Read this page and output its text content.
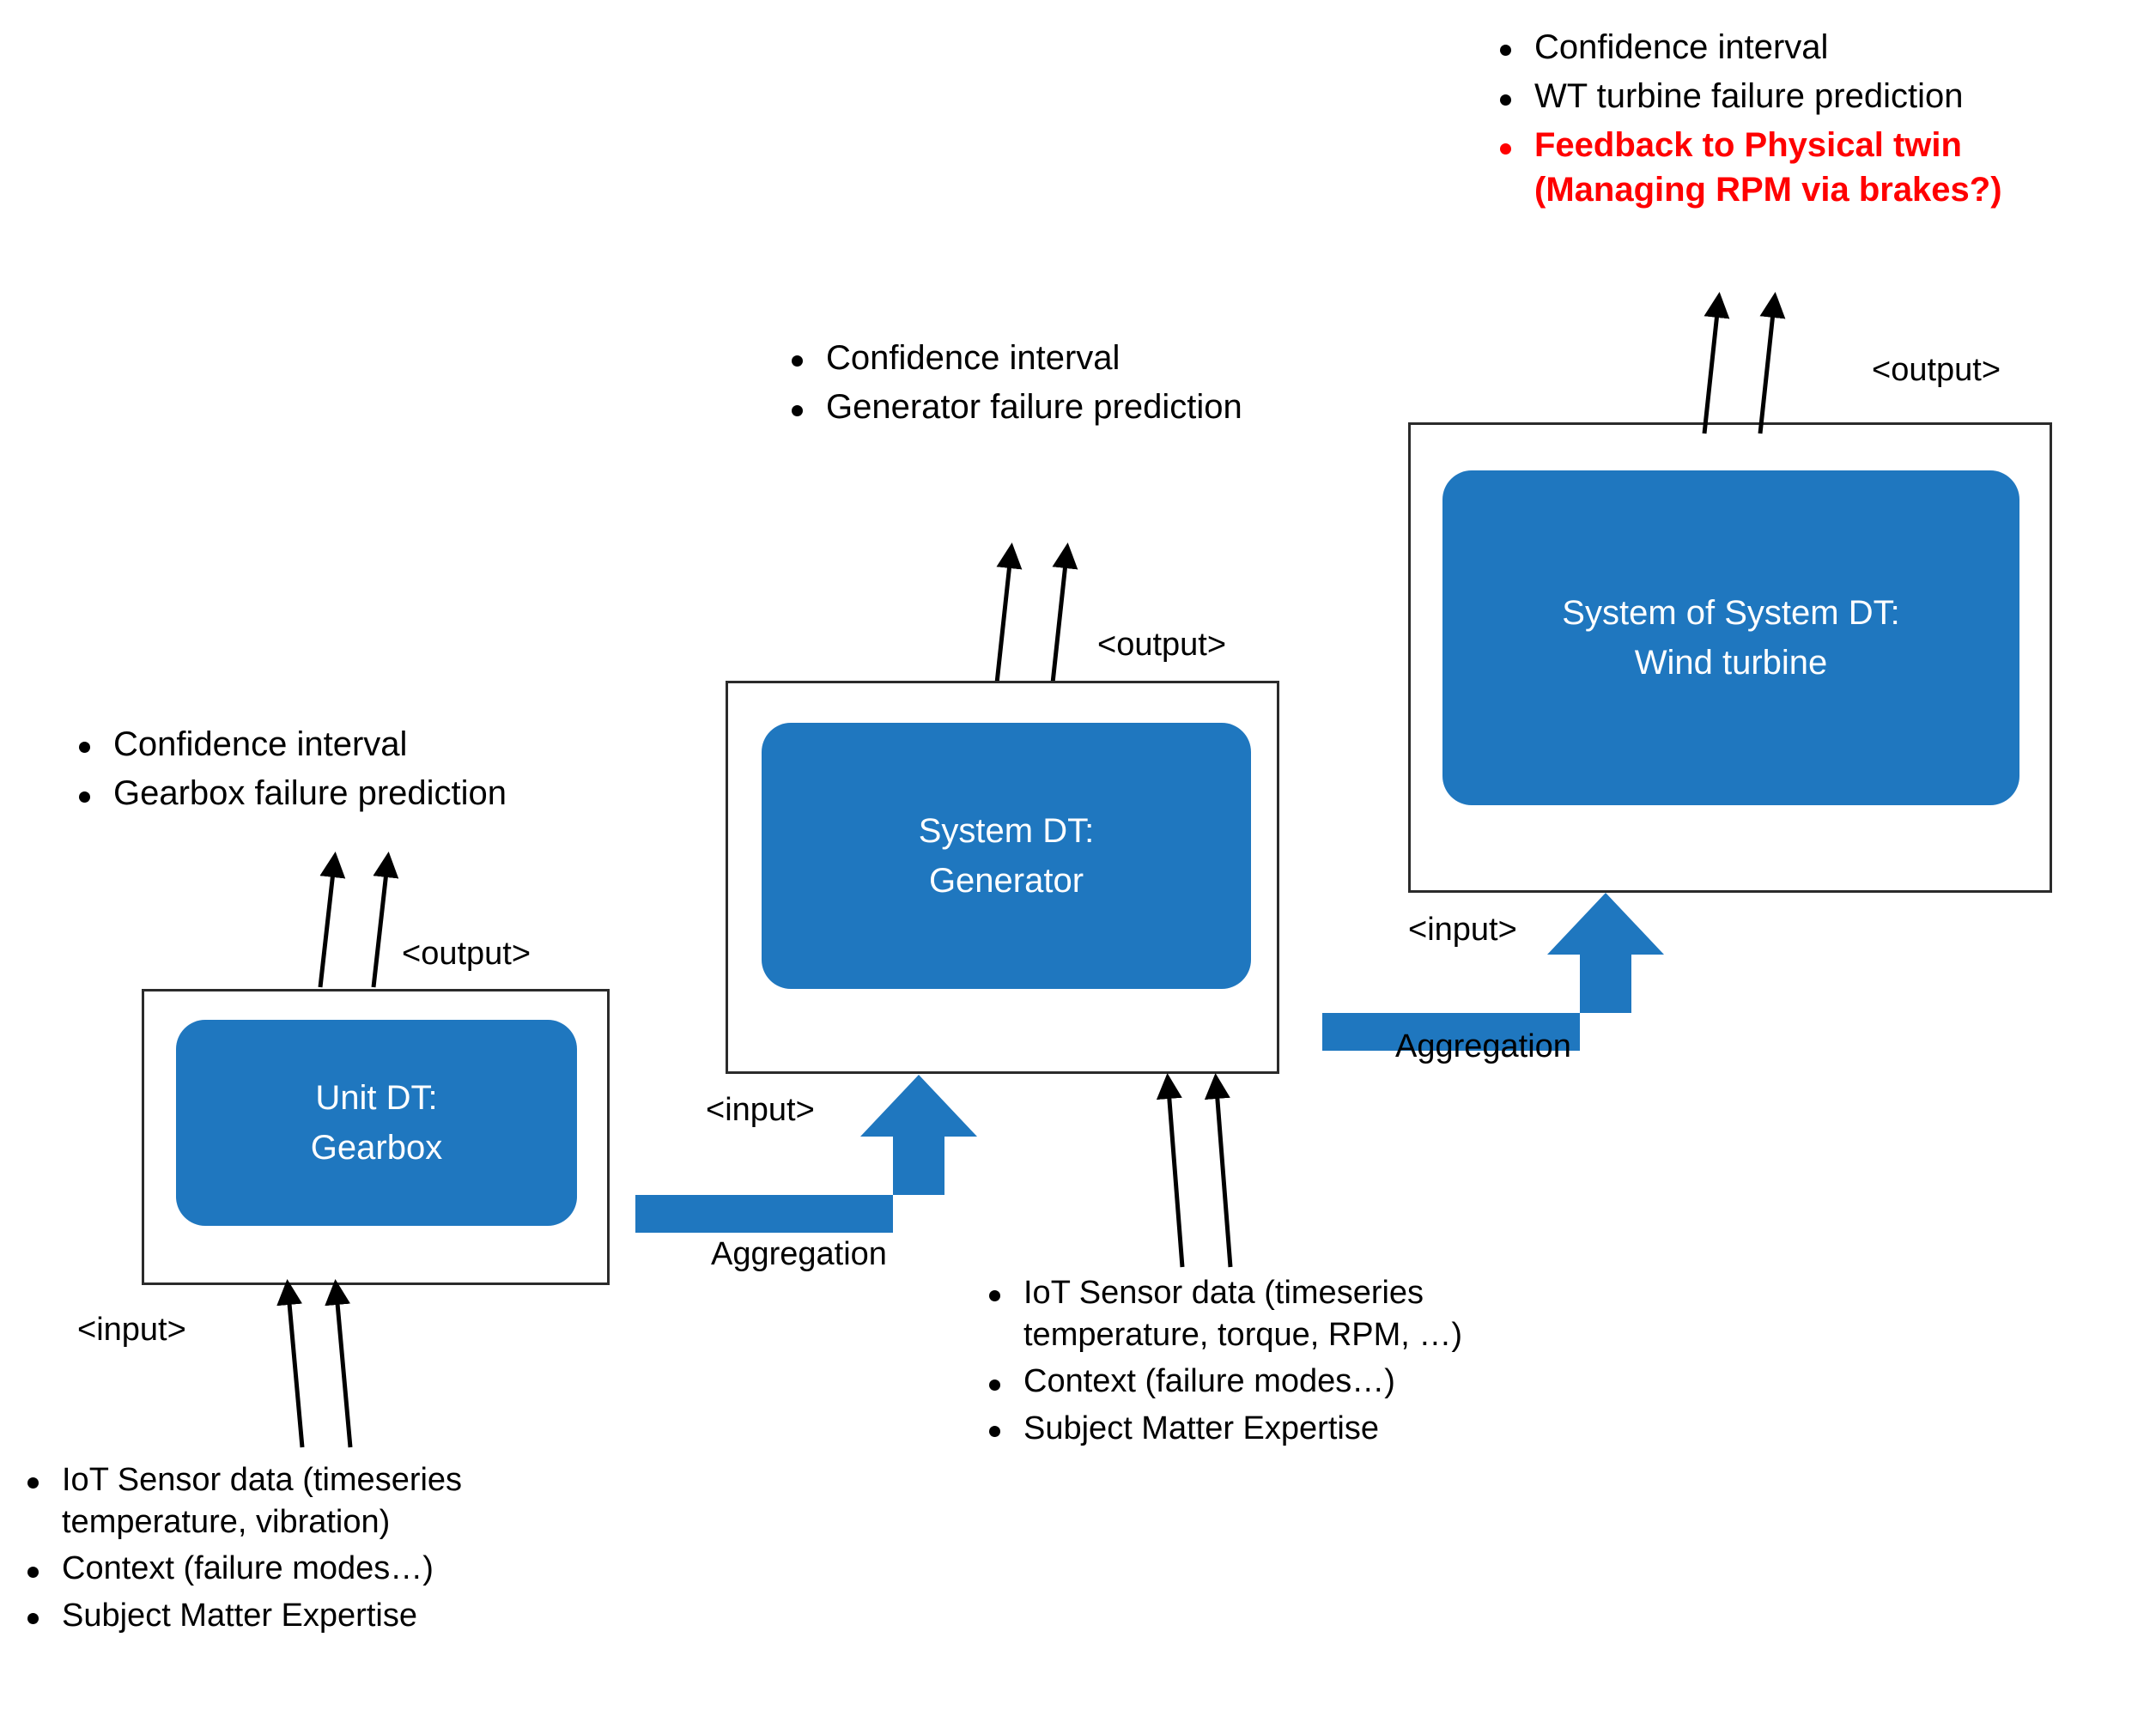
Confidence interval
WT turbine failure prediction
Feedback to Physical twin (Managing RPM via brakes?)
<output>
System of System DT:
Wind turbine
<input>
Aggregation
Confidence interval
Generator failure prediction
<output>
System DT:
Generator
<input>
Aggregation
IoT Sensor data (timeseries temperature, torque, RPM, …)
Context (failure modes…)
Subject Matter Expertise
Confidence interval
Gearbox failure prediction
<output>
Unit DT:
Gearbox
<input>
IoT Sensor data (timeseries temperature, vibration)
Context (failure modes…)
Subject Matter Expertise
